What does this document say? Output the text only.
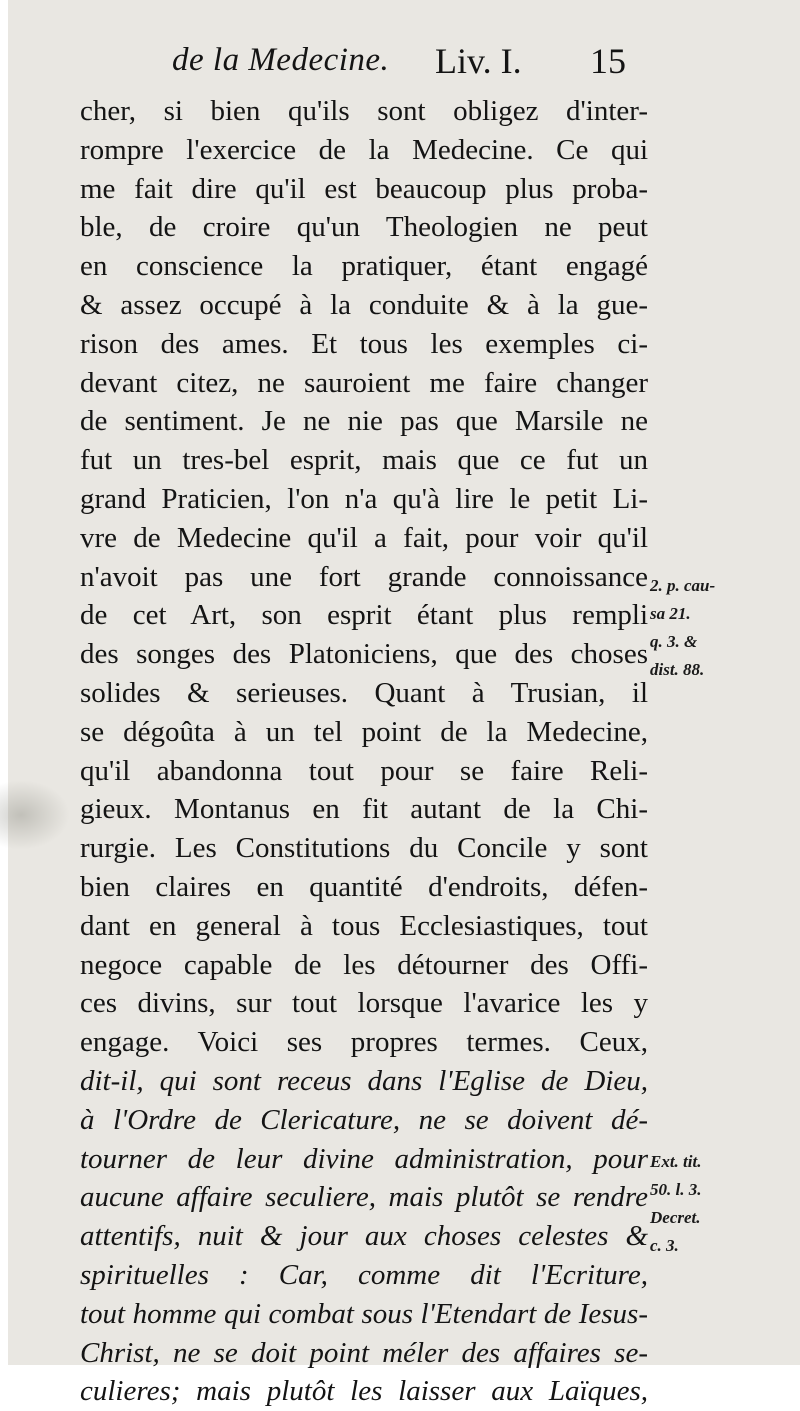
de la Medecine. Liv. I. 15
cher, si bien qu'ils sont obligez d'inter-
rompre l'exercice de la Medecine. Ce qui
me fait dire qu'il est beaucoup plus proba-
ble, de croire qu'un Theologien ne peut
en conscience la pratiquer, étant engagé
& assez occupé à la conduite & à la gue-
rison des ames. Et tous les exemples ci-
devant citez, ne sauroient me faire changer
de sentiment. Je ne nie pas que Marsile ne
fut un tres-bel esprit, mais que ce fut un
grand Praticien, l'on n'a qu'à lire le petit Li-
vre de Medecine qu'il a fait, pour voir qu'il
n'avoit pas une fort grande connoissance
de cet Art, son esprit étant plus rempli
des songes des Platoniciens, que des choses
solides & serieuses. Quant à Trusian, il
se dégoûta à un tel point de la Medecine,
qu'il abandonna tout pour se faire Reli-
gieux. Montanus en fit autant de la Chi-
rurgie. Les Constitutions du Concile y sont
bien claires en quantité d'endroits, défen-
dant en general à tous Ecclesiastiques, tout
negoce capable de les détourner des Offi-
ces divins, sur tout lorsque l'avarice les y
engage. Voici ses propres termes. Ceux,
dit-il, qui sont receus dans l'Eglise de Dieu,
à l'Ordre de Clericature, ne se doivent dé-
tourner de leur divine administration, pour
aucune affaire seculiere, mais plutôt se rendre
attentifs, nuit & jour aux choses celestes &
spirituelles : Car, comme dit l'Ecriture,
tout homme qui combat sous l'Etendart de Iesus-
Christ, ne se doit point méler des affaires se-
culieres; mais plutôt les laisser aux Laïques,
2. p. cau-
sa 21.
q. 3. &
dist. 88.
Ext. tit.
50. l. 3.
Decret.
c. 3.
